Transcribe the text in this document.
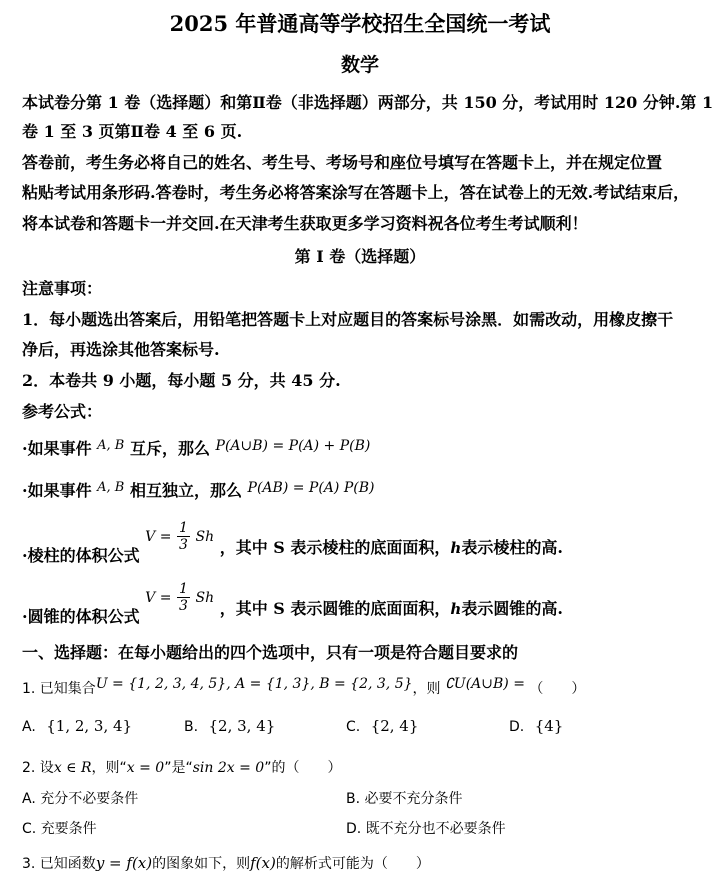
2025 年普通高等学校招生全国统一考试
数学
本试卷分第 1 卷（选择题）和第Ⅱ卷（非选择题）两部分，共 150 分，考试用时 120 分钟.第 1
卷 1 至 3 页第Ⅱ卷 4 至 6 页.
答卷前，考生务必将自己的姓名、考生号、考场号和座位号填写在答题卡上，并在规定位置
粘贴考试用条形码.答卷时，考生务必将答案涂写在答题卡上，答在试卷上的无效.考试结束后，
将本试卷和答题卡一并交回.在天津考生获取更多学习资料祝各位考生考试顺利！
第 I 卷（选择题）
注意事项：
1．每小题选出答案后，用铅笔把答题卡上对应题目的答案标号涂黑．如需改动，用橡皮擦干
净后，再选涂其他答案标号.
2．本卷共 9 小题，每小题 5 分，共 45 分.
参考公式：
·如果事件 $^{A, B}$ 互斥，那么 P(A∪B) = P(A) + P(B)
·如果事件 $^{A, B}$ 相互独立，那么 P(AB) = P(A) P(B)
·棱柱的体积公式 $V = \frac{1}{3}$ Sh ，其中 S 表示棱柱的底面面积，h表示棱柱的高.
·圆锥的体积公式 $V = \frac{1}{3}$ Sh ，其中 S 表示圆锥的底面面积，h表示圆锥的高.
一、选择题：在每小题给出的四个选项中，只有一项是符合题目要求的
1. 已知集合U = {1, 2, 3, 4, 5}, A = {1, 3}, B = {2, 3, 5}，则 ∁U(A∪B) = （　　）
A. {1, 2, 3, 4}	B. {2, 3, 4}	C. {2, 4}	D. {4}
2. 设x ∈ R，则“x = 0”是“sin 2x = 0”的（　　）
A. 充分不必要条件	B. 必要不充分条件
C. 充要条件	D. 既不充分也不必要条件
3. 已知函数y = f(x)的图象如下，则f(x)的解析式可能为（　　）
